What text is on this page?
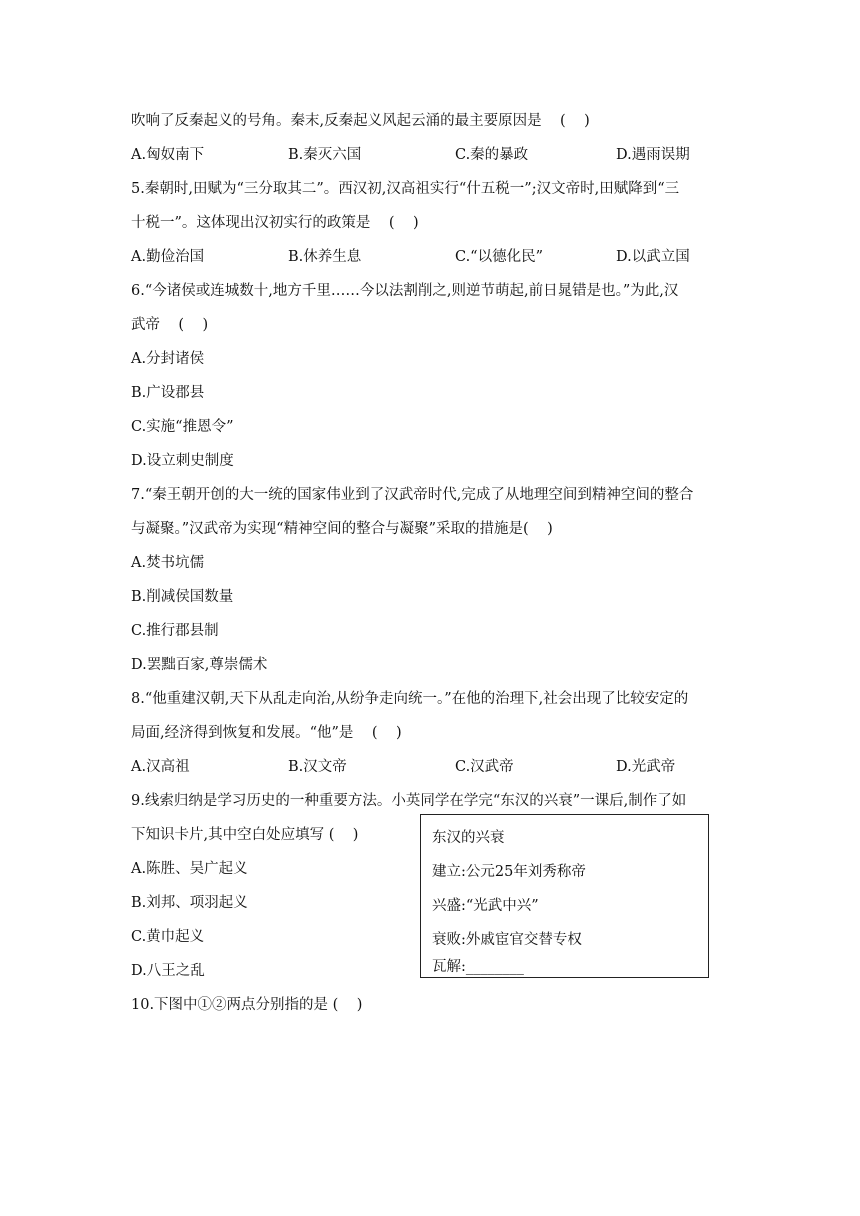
吹响了反秦起义的号角。秦末,反秦起义风起云涌的最主要原因是    (    )
A.匈奴南下	B.秦灭六国	C.秦的暴政	D.遇雨误期
5.秦朝时,田赋为“三分取其二”。西汉初,汉高祖实行“什五税一”;汉文帝时,田赋降到“三
十税一”。这体现出汉初实行的政策是    (    )
A.勤俭治国	B.休养生息	C.“以德化民”	D.以武立国
6.“今诸侯或连城数十,地方千里……今以法割削之,则逆节萌起,前日晁错是也。”为此,汉
武帝    (    )
A.分封诸侯
B.广设郡县
C.实施“推恩令”
D.设立刺史制度
7.“秦王朝开创的大一统的国家伟业到了汉武帝时代,完成了从地理空间到精神空间的整合
与凝聚。”汉武帝为实现“精神空间的整合与凝聚”采取的措施是(    )
A.焚书坑儒
B.削减侯国数量
C.推行郡县制
D.罢黜百家,尊崇儒术
8.“他重建汉朝,天下从乱走向治,从纷争走向统一。”在他的治理下,社会出现了比较安定的
局面,经济得到恢复和发展。“他”是    (    )
A.汉高祖	B.汉文帝	C.汉武帝	D.光武帝
9.线索归纳是学习历史的一种重要方法。小英同学在学完“东汉的兴衰”一课后,制作了如
下知识卡片,其中空白处应填写 (    )
A.陈胜、吴广起义
B.刘邦、项羽起义
C.黄巾起义
D.八王之乱
东汉的兴衰
建立:公元25年刘秀称帝
兴盛:“光武中兴”
衰败:外戚宦官交替专权
瓦解:________
10.下图中①②两点分别指的是 (    )
